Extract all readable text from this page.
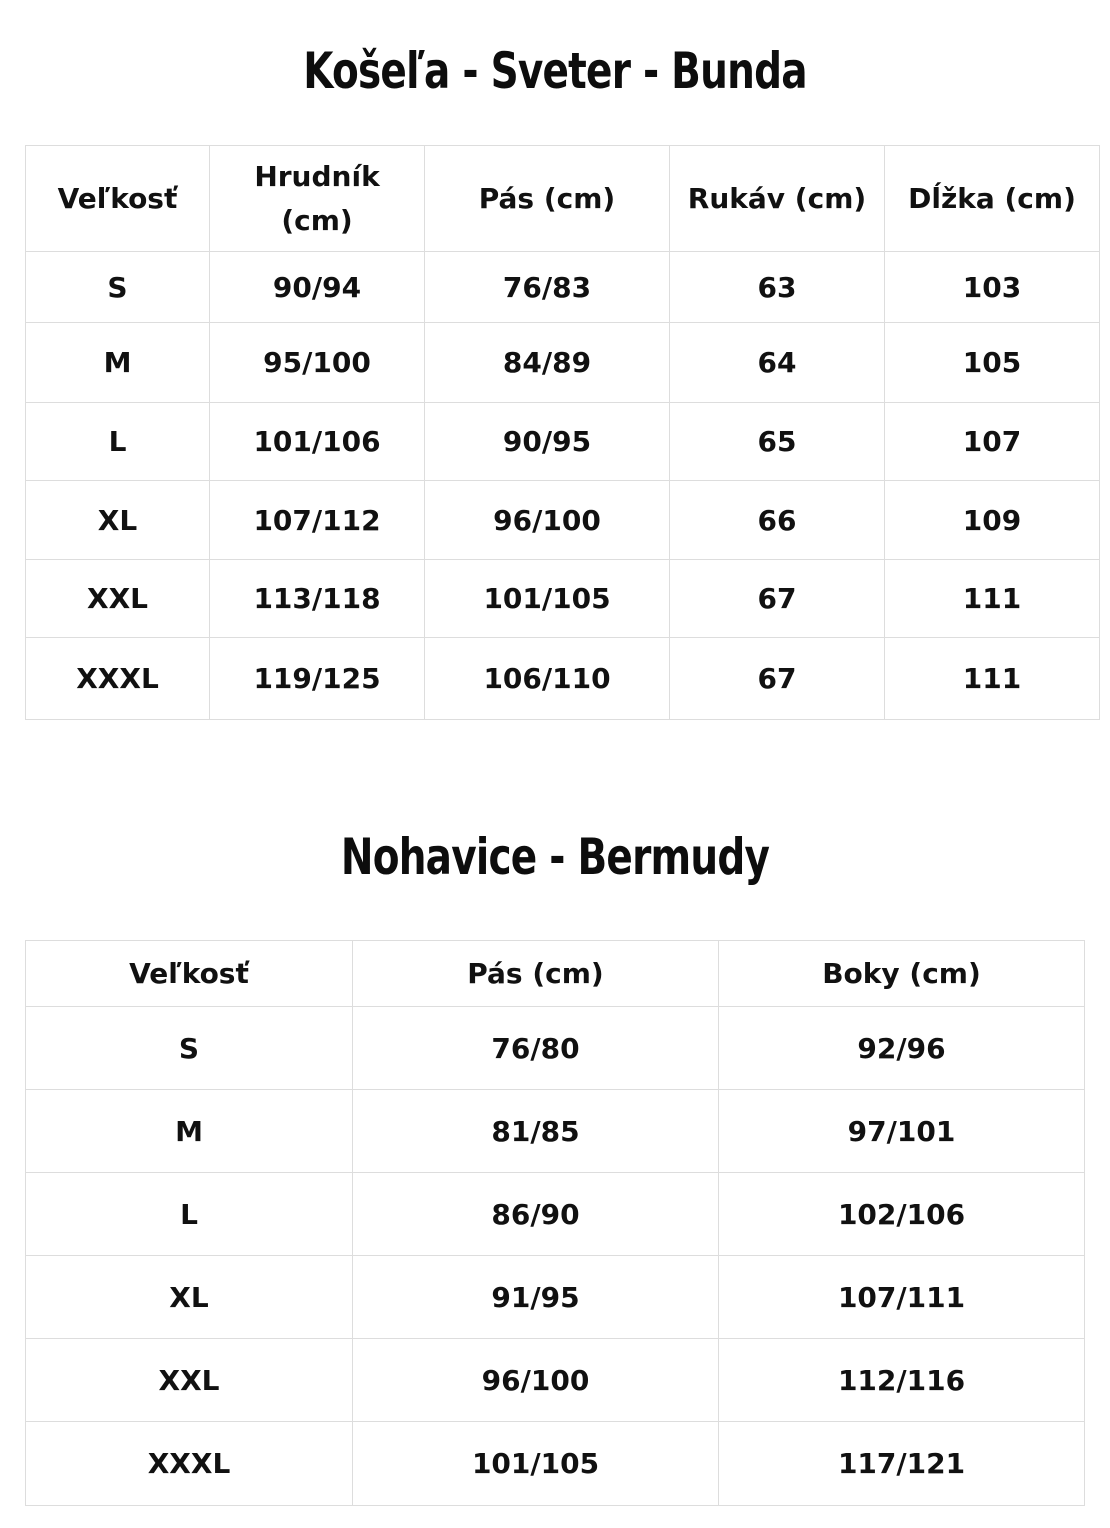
Košeľa - Sveter - Bunda
Veľkosť	Hrudník (cm)	Pás (cm)	Rukáv (cm)	Dĺžka (cm)
S	90/94	76/83	63	103
M	95/100	84/89	64	105
L	101/106	90/95	65	107
XL	107/112	96/100	66	109
XXL	113/118	101/105	67	111
XXXL	119/125	106/110	67	111
Nohavice - Bermudy
Veľkosť	Pás (cm)	Boky (cm)
S	76/80	92/96
M	81/85	97/101
L	86/90	102/106
XL	91/95	107/111
XXL	96/100	112/116
XXXL	101/105	117/121
